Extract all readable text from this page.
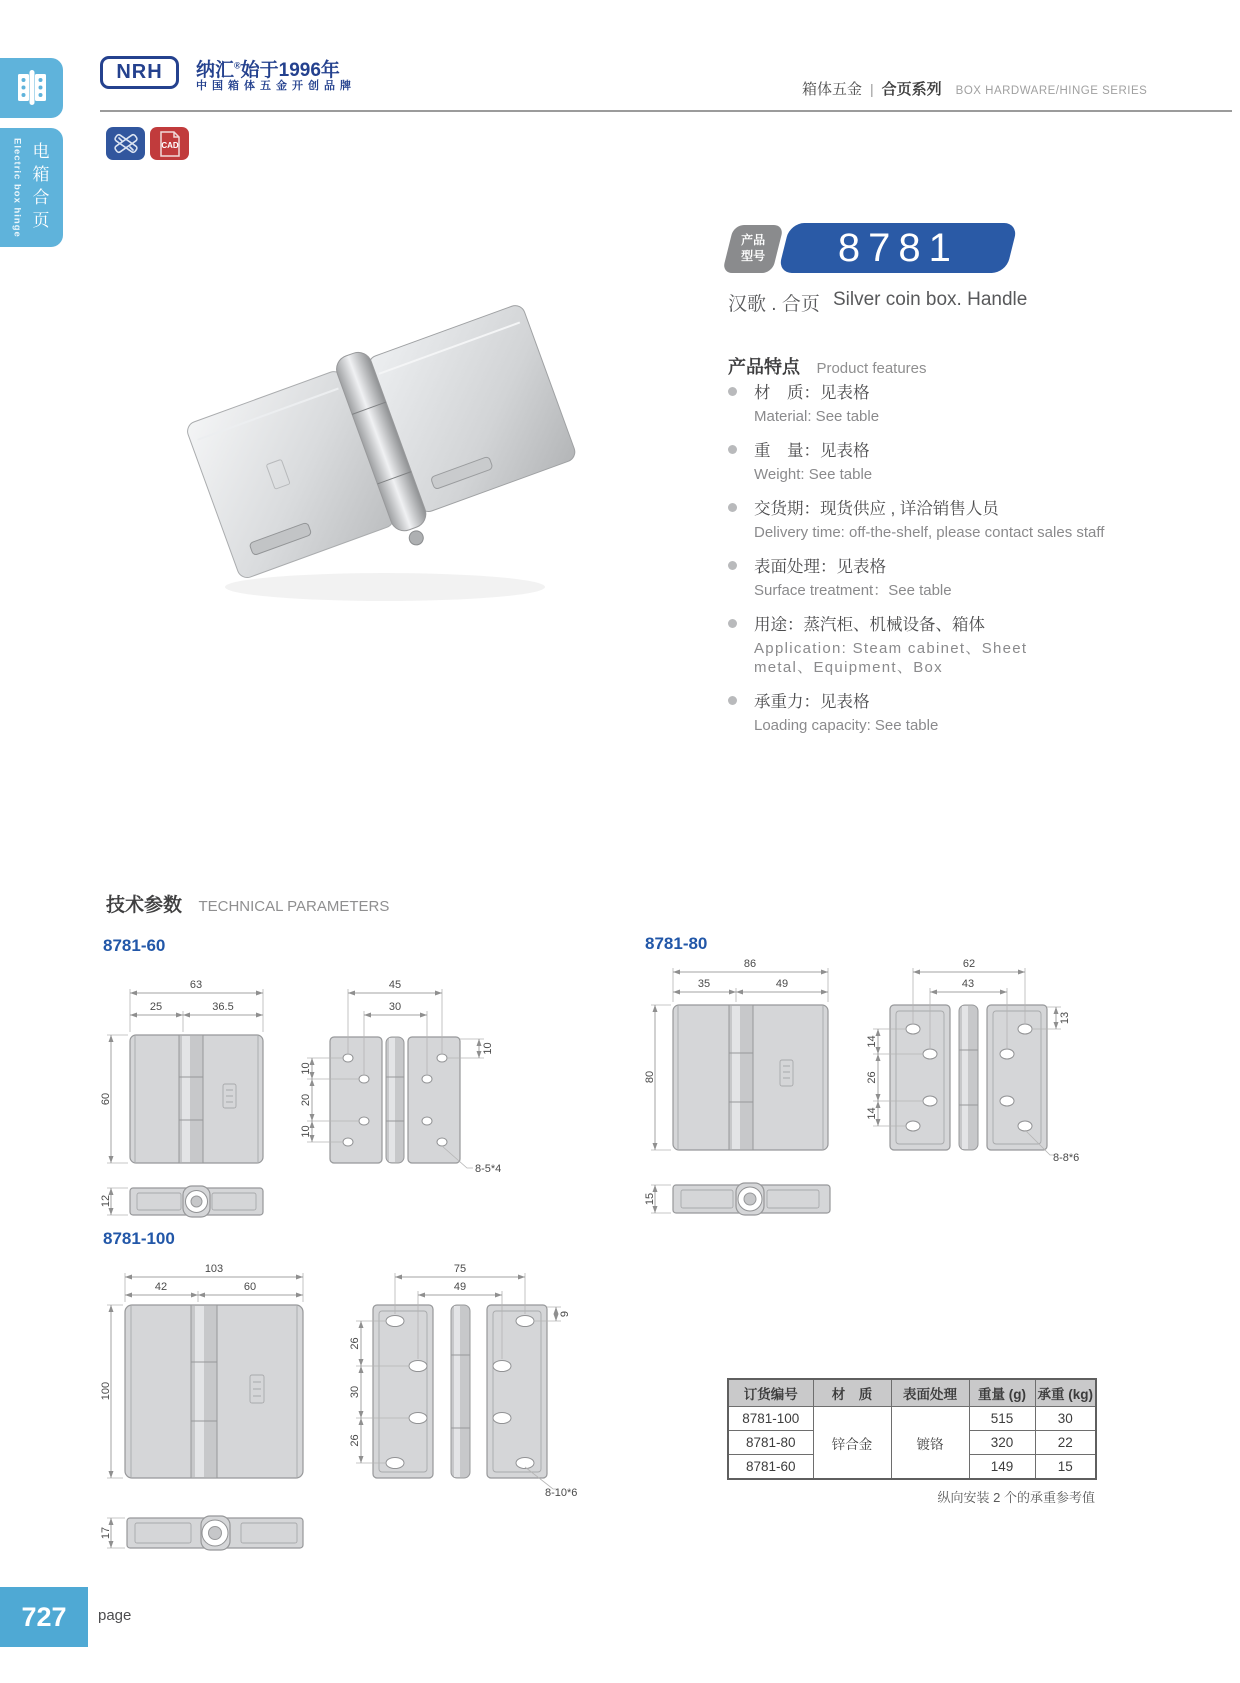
Electric box hinge 电箱合页
NRH 纳汇®始于1996年
中国箱体五金开创品牌	箱体五金 | 合页系列 BOX HARDWARE/HINGE SERIES
CAD
产品
型号 8781
汉歌 . 合页 Silver coin box. Handle
产品特点 Product features
材　质：见表格
Material: See table
重　量：见表格
Weight: See table
交货期：现货供应 , 详洽销售人员
Delivery time: off-the-shelf, please contact sales staff
表面处理：见表格
Surface treatment：See table
用途：蒸汽柜、机械设备、箱体
Application: Steam cabinet、Sheet metal、Equipment、Box
承重力：见表格
Loading capacity: See table
技术参数 TECHNICAL PARAMETERS
8781-60	8781-80
8781-100
63
25	36.5
60
12
45
30
10
20
10
10
8-5*4
86
35	49
80
15
62
43
14
26
14
13
8-8*6
103
42	60
100
17
75
49
26
30
26
9
8-10*6
订货编号	材　质	表面处理	重量 (g)	承重 (kg)
8781-100	锌合金	镀铬	515	30
8781-80			320	22
8781-60			149	15
纵向安装 2 个的承重参考值
727 page
